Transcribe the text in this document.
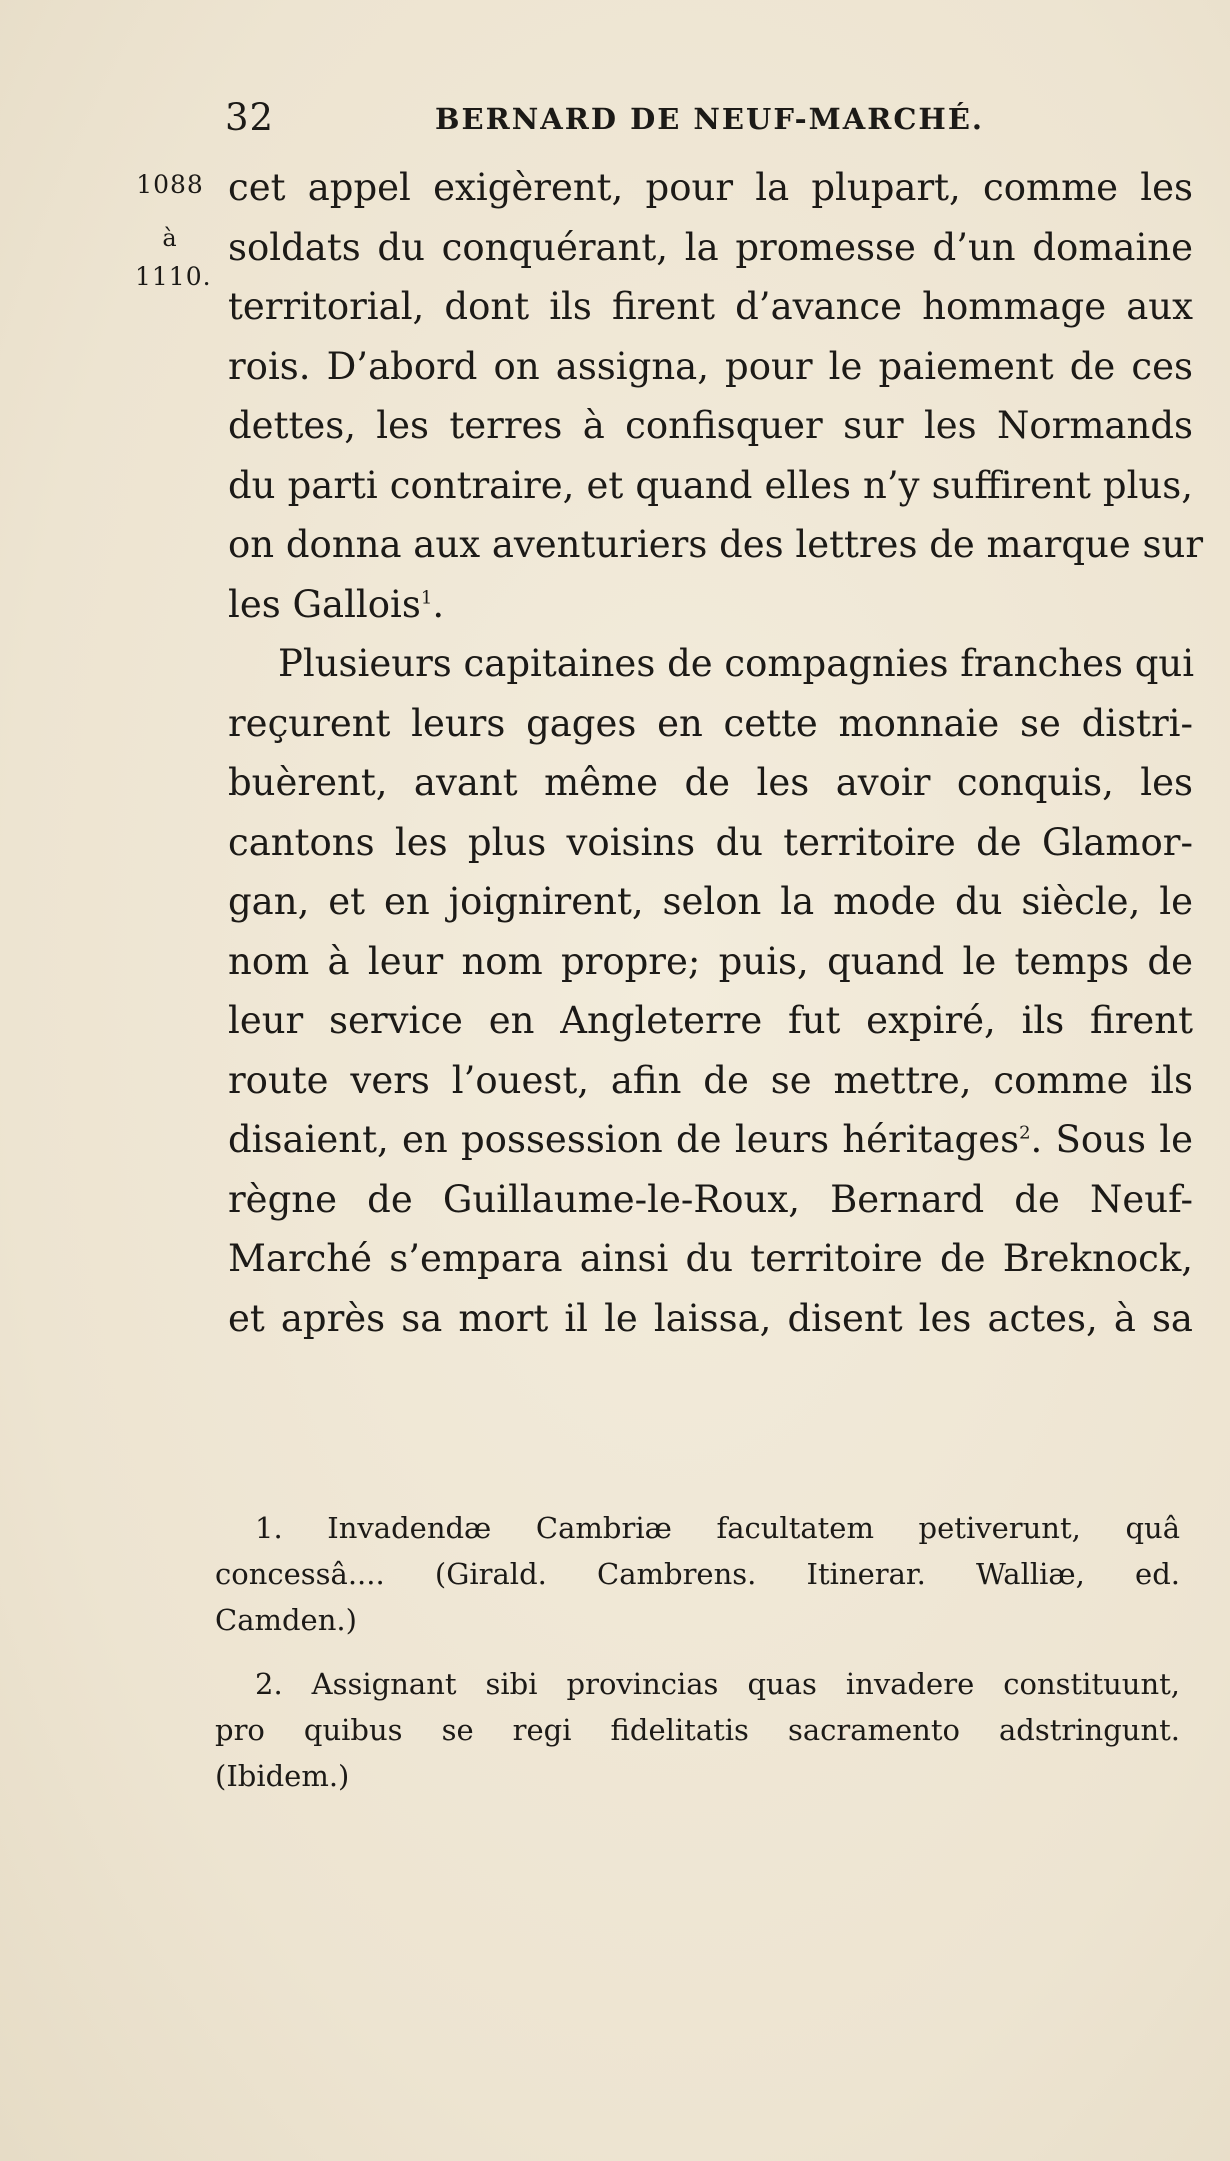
32	BERNARD DE NEUF-MARCHÉ.
1088
à
1110.
cet appel exigèrent, pour la plupart, comme les
soldats du conquérant, la promesse d’un domaine
territorial, dont ils firent d’avance hommage aux
rois. D’abord on assigna, pour le paiement de ces
dettes, les terres à confisquer sur les Normands
du parti contraire, et quand elles n’y suffirent plus,
on donna aux aventuriers des lettres de marque sur
les Gallois$^1$.
Plusieurs capitaines de compagnies franches qui
reçurent leurs gages en cette monnaie se distri-
buèrent, avant même de les avoir conquis, les
cantons les plus voisins du territoire de Glamor-
gan, et en joignirent, selon la mode du siècle, le
nom à leur nom propre; puis, quand le temps de
leur service en Angleterre fut expiré, ils firent
route vers l’ouest, afin de se mettre, comme ils
disaient, en possession de leurs héritages$^2$. Sous le
règne de Guillaume-le-Roux, Bernard de Neuf-
Marché s’empara ainsi du territoire de Breknock,
et après sa mort il le laissa, disent les actes, à sa
1. Invadendæ Cambriæ facultatem petiverunt, quâ
concessâ.... (Girald. Cambrens. Itinerar. Walliæ, ed.
Camden.)
2. Assignant sibi provincias quas invadere constituunt,
pro quibus se regi fidelitatis sacramento adstringunt.
(Ibidem.)
